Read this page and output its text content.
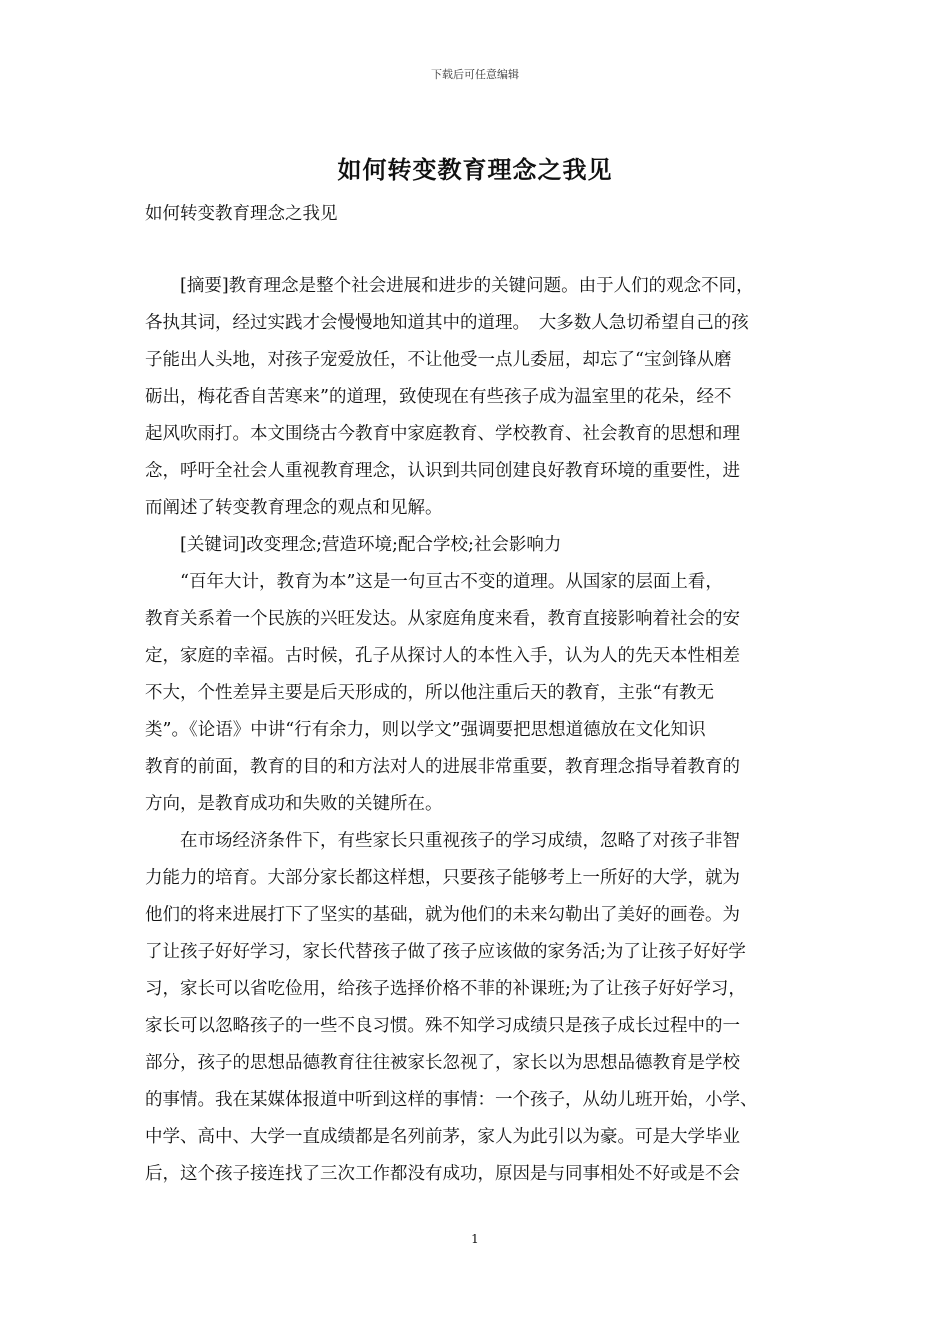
下载后可任意编辑
如何转变教育理念之我见
如何转变教育理念之我见

　　[摘要]教育理念是整个社会进展和进步的关键问题。由于人们的观念不同，

各执其词，经过实践才会慢慢地知道其中的道理。　大多数人急切希望自己的孩

子能出人头地，对孩子宠爱放任，不让他受一点儿委屈，却忘了“宝剑锋从磨

砺出，梅花香自苦寒来”的道理，致使现在有些孩子成为温室里的花朵，经不

起风吹雨打。本文围绕古今教育中家庭教育、学校教育、社会教育的思想和理

念，呼吁全社会人重视教育理念，认识到共同创建良好教育环境的重要性，进

而阐述了转变教育理念的观点和见解。

　　[关键词]改变理念;营造环境;配合学校;社会影响力

　　“百年大计，教育为本”这是一句亘古不变的道理。从国家的层面上看，

教育关系着一个民族的兴旺发达。从家庭角度来看，教育直接影响着社会的安

定，家庭的幸福。古时候，孔子从探讨人的本性入手，认为人的先天本性相差

不大，个性差异主要是后天形成的，所以他注重后天的教育，主张“有教无

类”。《论语》中讲“行有余力，则以学文”强调要把思想道德放在文化知识

教育的前面，教育的目的和方法对人的进展非常重要，教育理念指导着教育的

方向，是教育成功和失败的关键所在。

　　在市场经济条件下，有些家长只重视孩子的学习成绩，忽略了对孩子非智

力能力的培育。大部分家长都这样想，只要孩子能够考上一所好的大学，就为

他们的将来进展打下了坚实的基础，就为他们的未来勾勒出了美好的画卷。为

了让孩子好好学习，家长代替孩子做了孩子应该做的家务活;为了让孩子好好学

习，家长可以省吃俭用，给孩子选择价格不菲的补课班;为了让孩子好好学习，

家长可以忽略孩子的一些不良习惯。殊不知学习成绩只是孩子成长过程中的一

部分，孩子的思想品德教育往往被家长忽视了，家长以为思想品德教育是学校

的事情。我在某媒体报道中听到这样的事情：一个孩子，从幼儿班开始，小学、

中学、高中、大学一直成绩都是名列前茅，家人为此引以为豪。可是大学毕业

后，这个孩子接连找了三次工作都没有成功，原因是与同事相处不好或是不会

1
